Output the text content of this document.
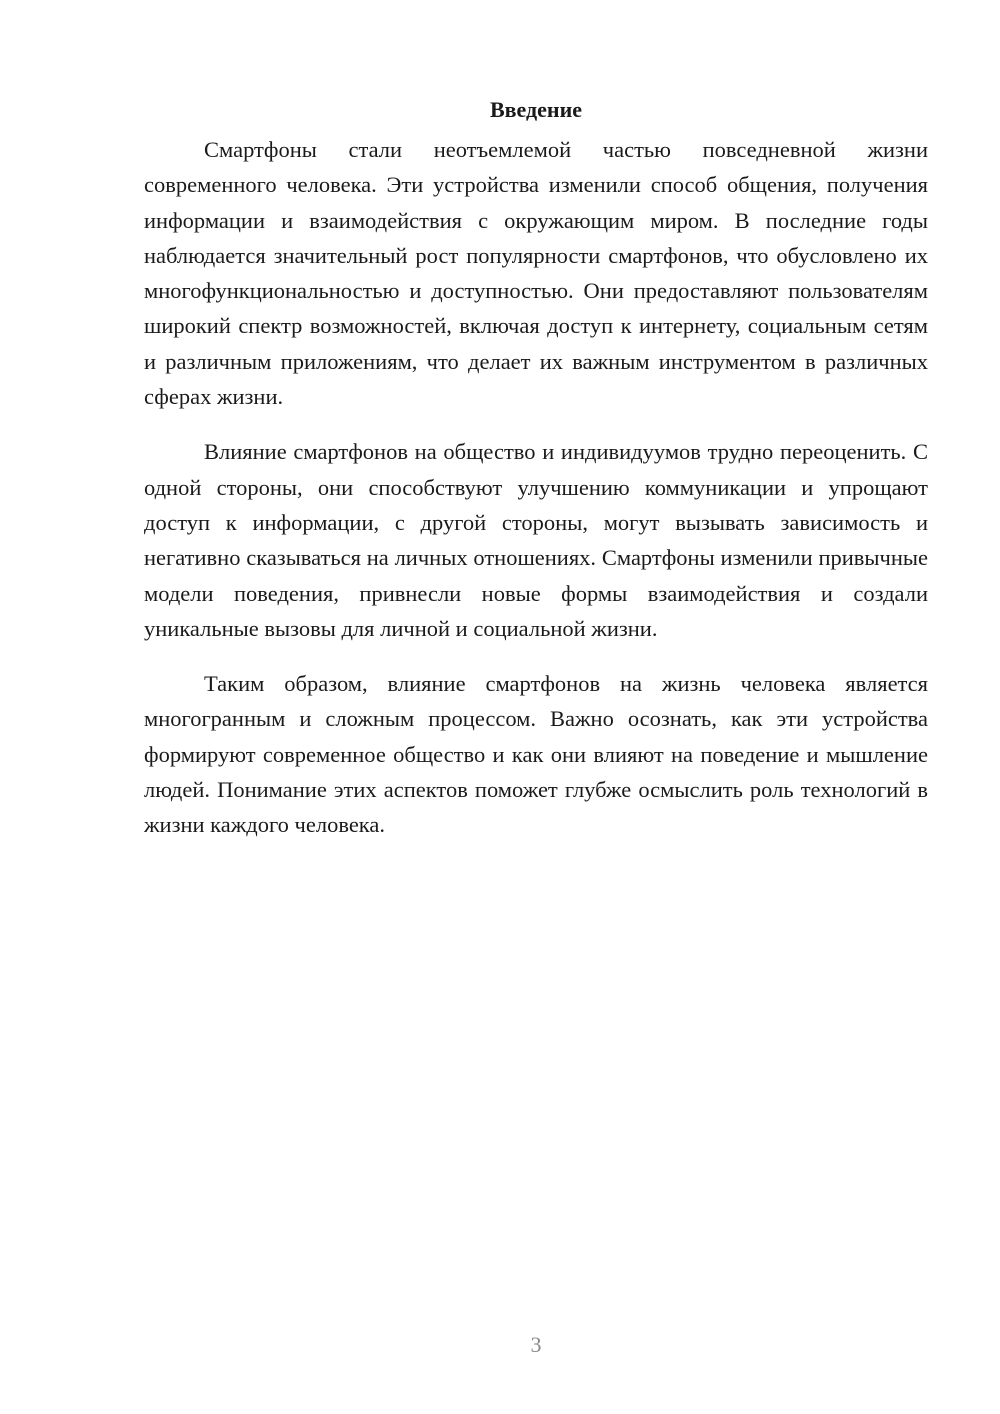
Введение

Смартфоны стали неотъемлемой частью повседневной жизни современного человека. Эти устройства изменили способ общения, получения информации и взаимодействия с окружающим миром. В последние годы наблюдается значительный рост популярности смартфонов, что обусловлено их многофункциональностью и доступностью. Они предоставляют пользователям широкий спектр возможностей, включая доступ к интернету, социальным сетям и различным приложениям, что делает их важным инструментом в различных сферах жизни.

Влияние смартфонов на общество и индивидуумов трудно переоценить. С одной стороны, они способствуют улучшению коммуникации и упрощают доступ к информации, с другой стороны, могут вызывать зависимость и негативно сказываться на личных отношениях. Смартфоны изменили привычные модели поведения, привнесли новые формы взаимодействия и создали уникальные вызовы для личной и социальной жизни.

Таким образом, влияние смартфонов на жизнь человека является многогранным и сложным процессом. Важно осознать, как эти устройства формируют современное общество и как они влияют на поведение и мышление людей. Понимание этих аспектов поможет глубже осмыслить роль технологий в жизни каждого человека.

3
